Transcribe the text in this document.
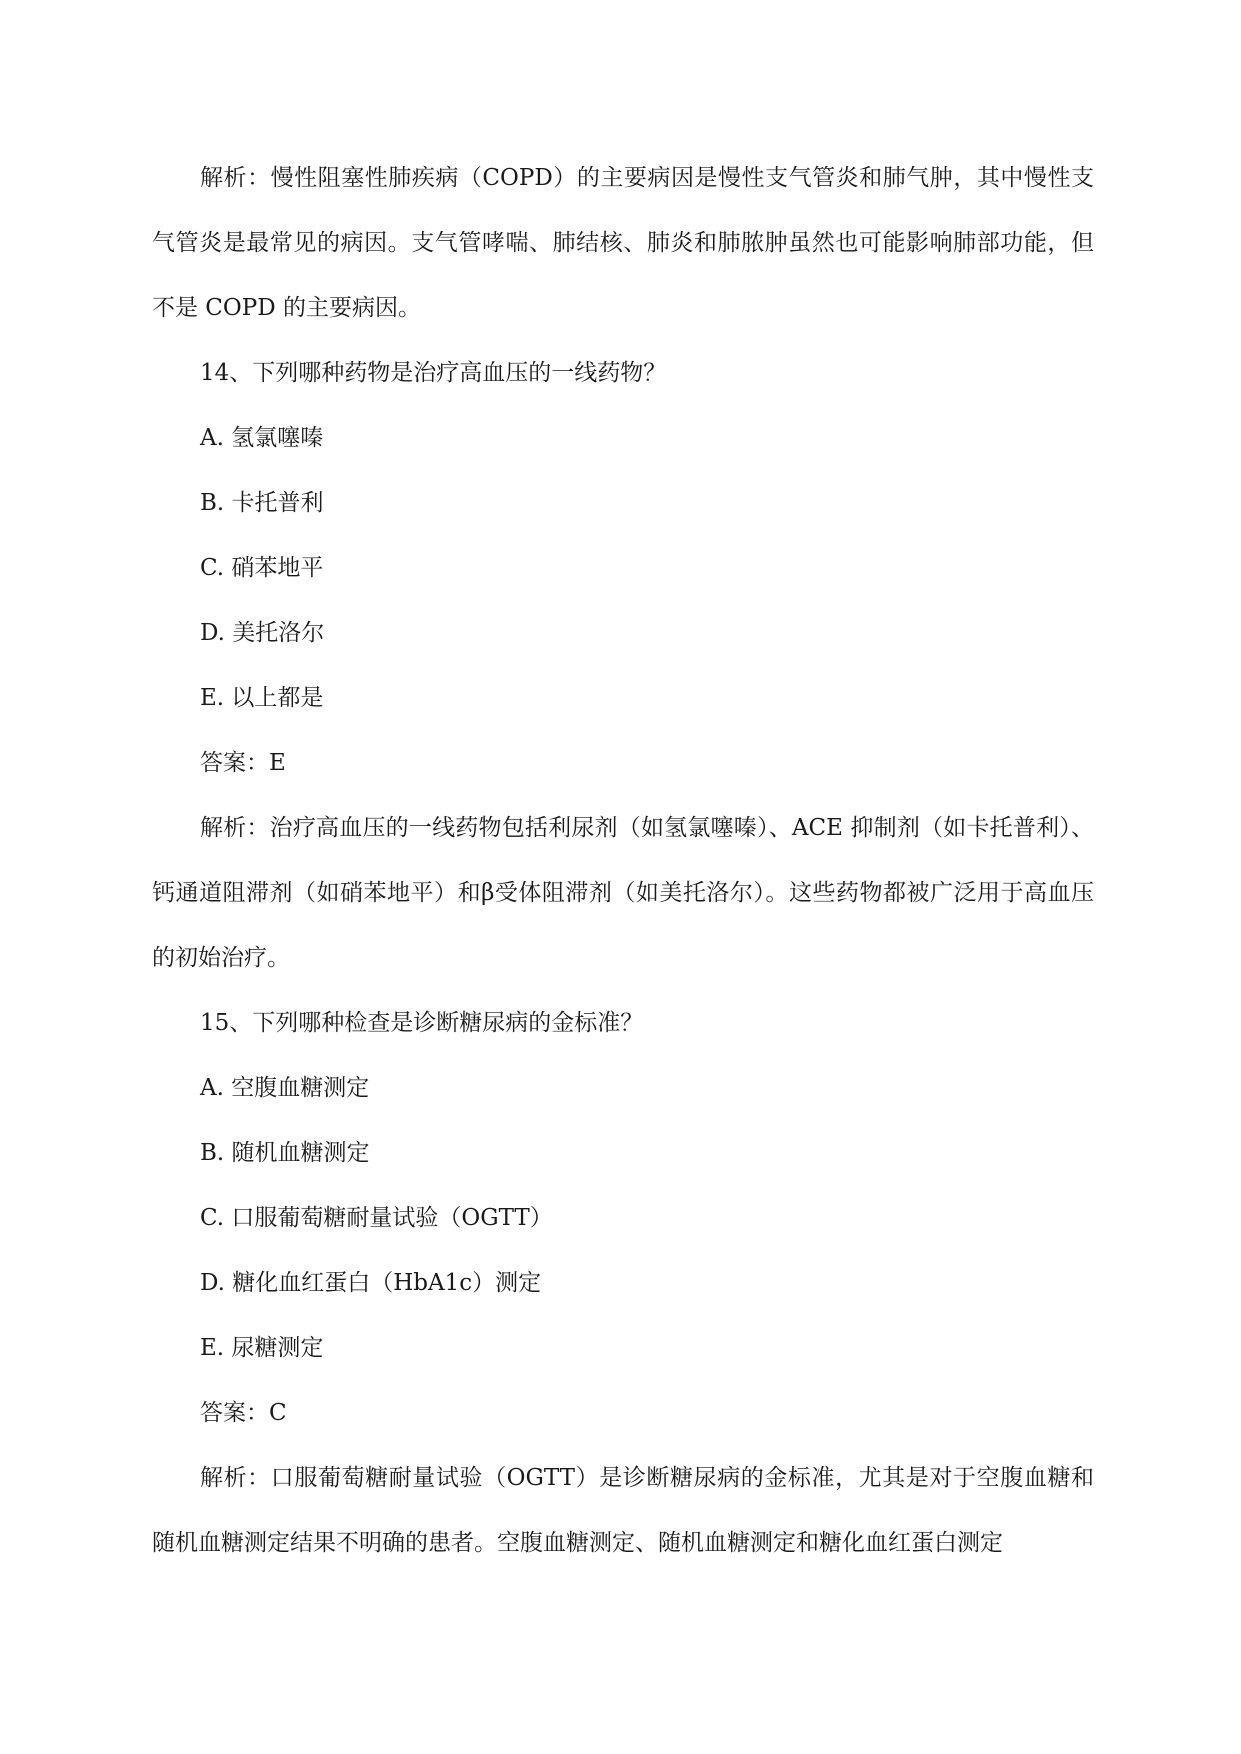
解析：慢性阻塞性肺疾病（COPD）的主要病因是慢性支气管炎和肺气肿，其中慢性支气管炎是最常见的病因。支气管哮喘、肺结核、肺炎和肺脓肿虽然也可能影响肺部功能，但不是 COPD 的主要病因。

14、下列哪种药物是治疗高血压的一线药物？

A. 氢氯噻嗪

B. 卡托普利

C. 硝苯地平

D. 美托洛尔

E. 以上都是

答案：E

解析：治疗高血压的一线药物包括利尿剂（如氢氯噻嗪）、ACE 抑制剂（如卡托普利）、钙通道阻滞剂（如硝苯地平）和β受体阻滞剂（如美托洛尔）。这些药物都被广泛用于高血压的初始治疗。

15、下列哪种检查是诊断糖尿病的金标准？

A. 空腹血糖测定

B. 随机血糖测定

C. 口服葡萄糖耐量试验（OGTT）

D. 糖化血红蛋白（HbA1c）测定

E. 尿糖测定

答案：C

解析：口服葡萄糖耐量试验（OGTT）是诊断糖尿病的金标准，尤其是对于空腹血糖和随机血糖测定结果不明确的患者。空腹血糖测定、随机血糖测定和糖化血红蛋白测定
